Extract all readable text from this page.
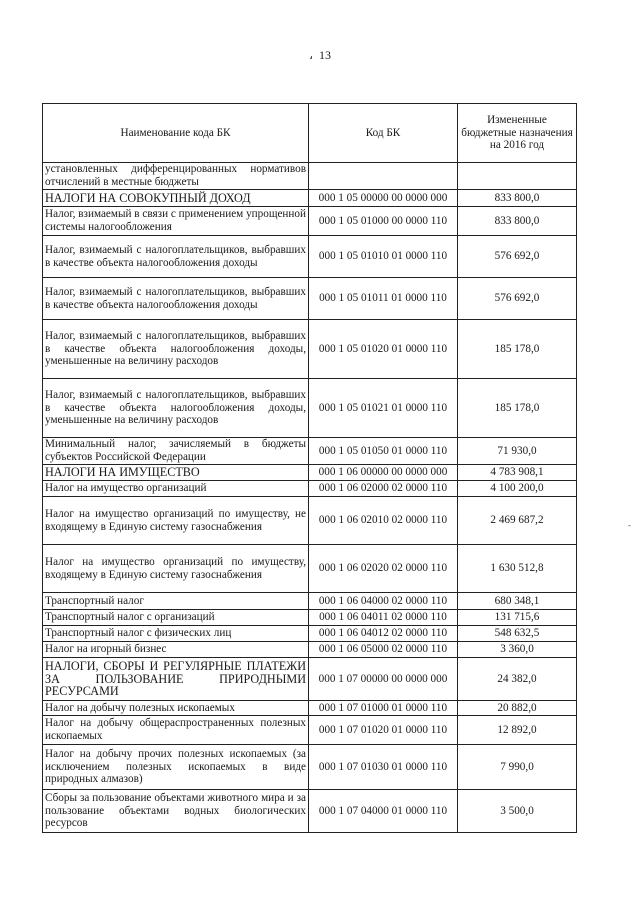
، 13
-
Наименование кода БК	Код БК	Измененные бюджетные назначения на 2016 год
установленных дифференцированных нормативов отчислений в местные бюджеты		
НАЛОГИ НА СОВОКУПНЫЙ ДОХОД	000 1 05 00000 00 0000 000	833 800,0
Налог, взимаемый в связи с применением упрощенной системы налогообложения	000 1 05 01000 00 0000 110	833 800,0
Налог, взимаемый с налогоплательщиков, выбравших в качестве объекта налогообложения доходы	000 1 05 01010 01 0000 110	576 692,0
Налог, взимаемый с налогоплательщиков, выбравших в качестве объекта налогообложения доходы	000 1 05 01011 01 0000 110	576 692,0
Налог, взимаемый с налогоплательщиков, выбравших в качестве объекта налогообложения доходы, уменьшенные на величину расходов	000 1 05 01020 01 0000 110	185 178,0
Налог, взимаемый с налогоплательщиков, выбравших в качестве объекта налогообложения доходы, уменьшенные на величину расходов	000 1 05 01021 01 0000 110	185 178,0
Минимальный налог, зачисляемый в бюджеты субъектов Российской Федерации	000 1 05 01050 01 0000 110	71 930,0
НАЛОГИ НА ИМУЩЕСТВО	000 1 06 00000 00 0000 000	4 783 908,1
Налог на имущество организаций	000 1 06 02000 02 0000 110	4 100 200,0
Налог на имущество организаций по имуществу, не входящему в Единую систему газоснабжения	000 1 06 02010 02 0000 110	2 469 687,2
Налог на имущество организаций по имуществу, входящему в Единую систему газоснабжения	000 1 06 02020 02 0000 110	1 630 512,8
Транспортный налог	000 1 06 04000 02 0000 110	680 348,1
Транспортный налог с организаций	000 1 06 04011 02 0000 110	131 715,6
Транспортный налог с физических лиц	000 1 06 04012 02 0000 110	548 632,5
Налог на игорный бизнес	000 1 06 05000 02 0000 110	3 360,0
НАЛОГИ, СБОРЫ И РЕГУЛЯРНЫЕ ПЛАТЕЖИ ЗА ПОЛЬЗОВАНИЕ ПРИРОДНЫМИ РЕСУРСАМИ	000 1 07 00000 00 0000 000	24 382,0
Налог на добычу полезных ископаемых	000 1 07 01000 01 0000 110	20 882,0
Налог на добычу общераспространенных полезных ископаемых	000 1 07 01020 01 0000 110	12 892,0
Налог на добычу прочих полезных ископаемых (за исключением полезных ископаемых в виде природных алмазов)	000 1 07 01030 01 0000 110	7 990,0
Сборы за пользование объектами животного мира и за пользование объектами водных биологических ресурсов	000 1 07 04000 01 0000 110	3 500,0
